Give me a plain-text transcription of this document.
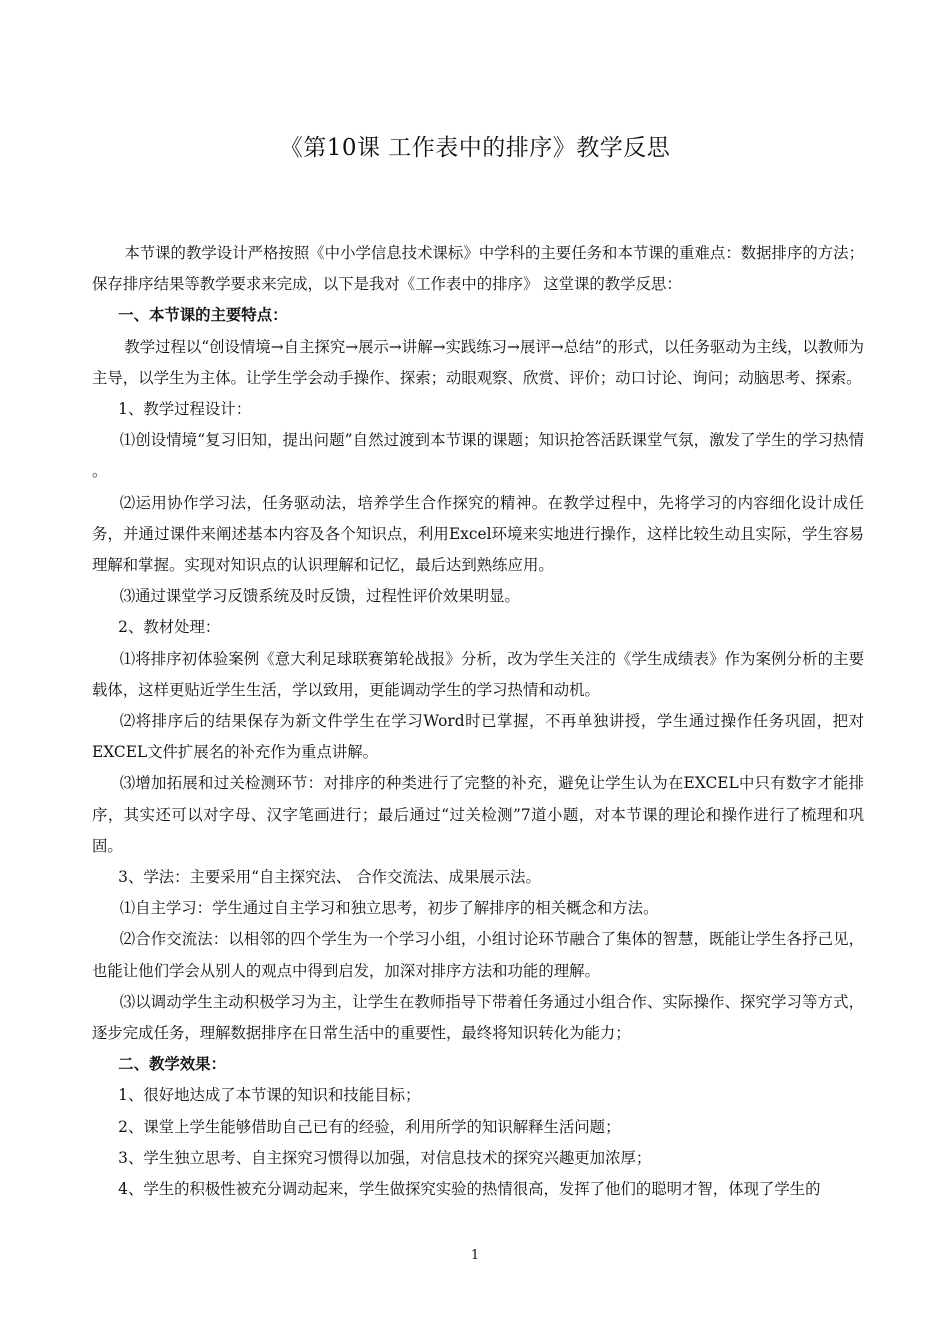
《第10课 工作表中的排序》教学反思

本节课的教学设计严格按照《中小学信息技术课标》中学科的主要任务和本节课的重难点：数据排序的方法；保存排序结果等教学要求来完成，以下是我对《工作表中的排序》 这堂课的教学反思：

一、本节课的主要特点：

教学过程以“创设情境→自主探究→展示→讲解→实践练习→展评→总结”的形式，以任务驱动为主线，以教师为主导，以学生为主体。让学生学会动手操作、探索；动眼观察、欣赏、评价；动口讨论、询问；动脑思考、探索。

1、教学过程设计：

⑴创设情境“复习旧知，提出问题”自然过渡到本节课的课题；知识抢答活跃课堂气氛，激发了学生的学习热情 。

⑵运用协作学习法，任务驱动法，培养学生合作探究的精神。在教学过程中，先将学习的内容细化设计成任务，并通过课件来阐述基本内容及各个知识点，利用Excel环境来实地进行操作，这样比较生动且实际，学生容易理解和掌握。实现对知识点的认识理解和记忆，最后达到熟练应用。

⑶通过课堂学习反馈系统及时反馈，过程性评价效果明显。

2、教材处理：

⑴将排序初体验案例《意大利足球联赛第轮战报》分析，改为学生关注的《学生成绩表》作为案例分析的主要载体，这样更贴近学生生活，学以致用，更能调动学生的学习热情和动机。

⑵将排序后的结果保存为新文件学生在学习Word时已掌握，不再单独讲授，学生通过操作任务巩固，把对EXCEL文件扩展名的补充作为重点讲解。

⑶增加拓展和过关检测环节：对排序的种类进行了完整的补充，避免让学生认为在EXCEL中只有数字才能排序，其实还可以对字母、汉字笔画进行；最后通过“过关检测”7道小题，对本节课的理论和操作进行了梳理和巩固。

3、学法：主要采用“自主探究法、 合作交流法、成果展示法。

⑴自主学习：学生通过自主学习和独立思考，初步了解排序的相关概念和方法。

⑵合作交流法：以相邻的四个学生为一个学习小组，小组讨论环节融合了集体的智慧，既能让学生各抒己见，也能让他们学会从别人的观点中得到启发，加深对排序方法和功能的理解。

⑶以调动学生主动积极学习为主，让学生在教师指导下带着任务通过小组合作、实际操作、探究学习等方式，逐步完成任务，理解数据排序在日常生活中的重要性，最终将知识转化为能力；

二、教学效果：

1、很好地达成了本节课的知识和技能目标；

2、课堂上学生能够借助自己已有的经验，利用所学的知识解释生活问题；

3、学生独立思考、自主探究习惯得以加强，对信息技术的探究兴趣更加浓厚；

4、学生的积极性被充分调动起来，学生做探究实验的热情很高，发挥了他们的聪明才智，体现了学生的

1
